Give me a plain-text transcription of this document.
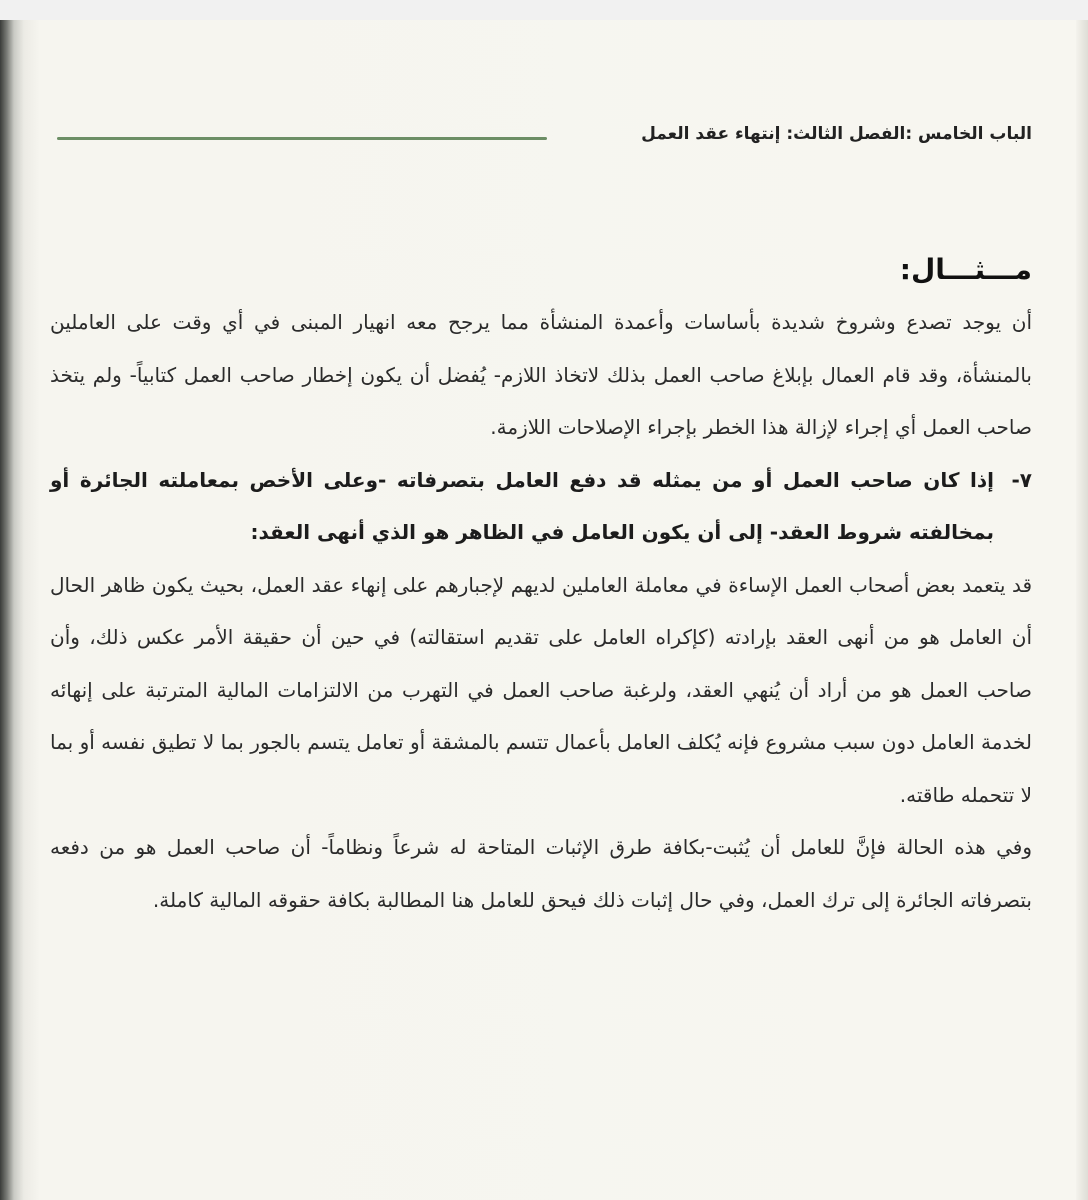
الباب الخامس :الفصل الثالث: إنتهاء عقد العمل
مـــثـــال:

أن يوجد تصدع وشروخ شديدة بأساسات وأعمدة المنشأة مما يرجح معه انهيار المبنى في أي وقت على العاملين بالمنشأة، وقد قام العمال بإبلاغ صاحب العمل بذلك لاتخاذ اللازم- يُفضل أن يكون إخطار صاحب العمل كتابياً- ولم يتخذ صاحب العمل أي إجراء لإزالة هذا الخطر بإجراء الإصلاحات اللازمة.

٧-
إذا كان صاحب العمل أو من يمثله قد دفع العامل بتصرفاته -وعلى الأخص بمعاملته الجائرة أو بمخالفته شروط العقد- إلى أن يكون العامل في الظاهر هو الذي أنهى العقد:

قد يتعمد بعض أصحاب العمل الإساءة في معاملة العاملين لديهم لإجبارهم على إنهاء عقد العمل، بحيث يكون ظاهر الحال أن العامل هو من أنهى العقد بإرادته (كإكراه العامل على تقديم استقالته) في حين أن حقيقة الأمر عكس ذلك، وأن صاحب العمل هو من أراد أن يُنهي العقد، ولرغبة صاحب العمل في التهرب من الالتزامات المالية المترتبة على إنهائه لخدمة العامل دون سبب مشروع فإنه يُكلف العامل بأعمال تتسم بالمشقة أو تعامل يتسم بالجور بما لا تطيق نفسه أو بما لا تتحمله طاقته.

وفي هذه الحالة فإنَّ للعامل أن يُثبت-بكافة طرق الإثبات المتاحة له شرعاً ونظاماً- أن صاحب العمل هو من دفعه بتصرفاته الجائرة إلى ترك العمل، وفي حال إثبات ذلك فيحق للعامل هنا المطالبة بكافة حقوقه المالية كاملة.
